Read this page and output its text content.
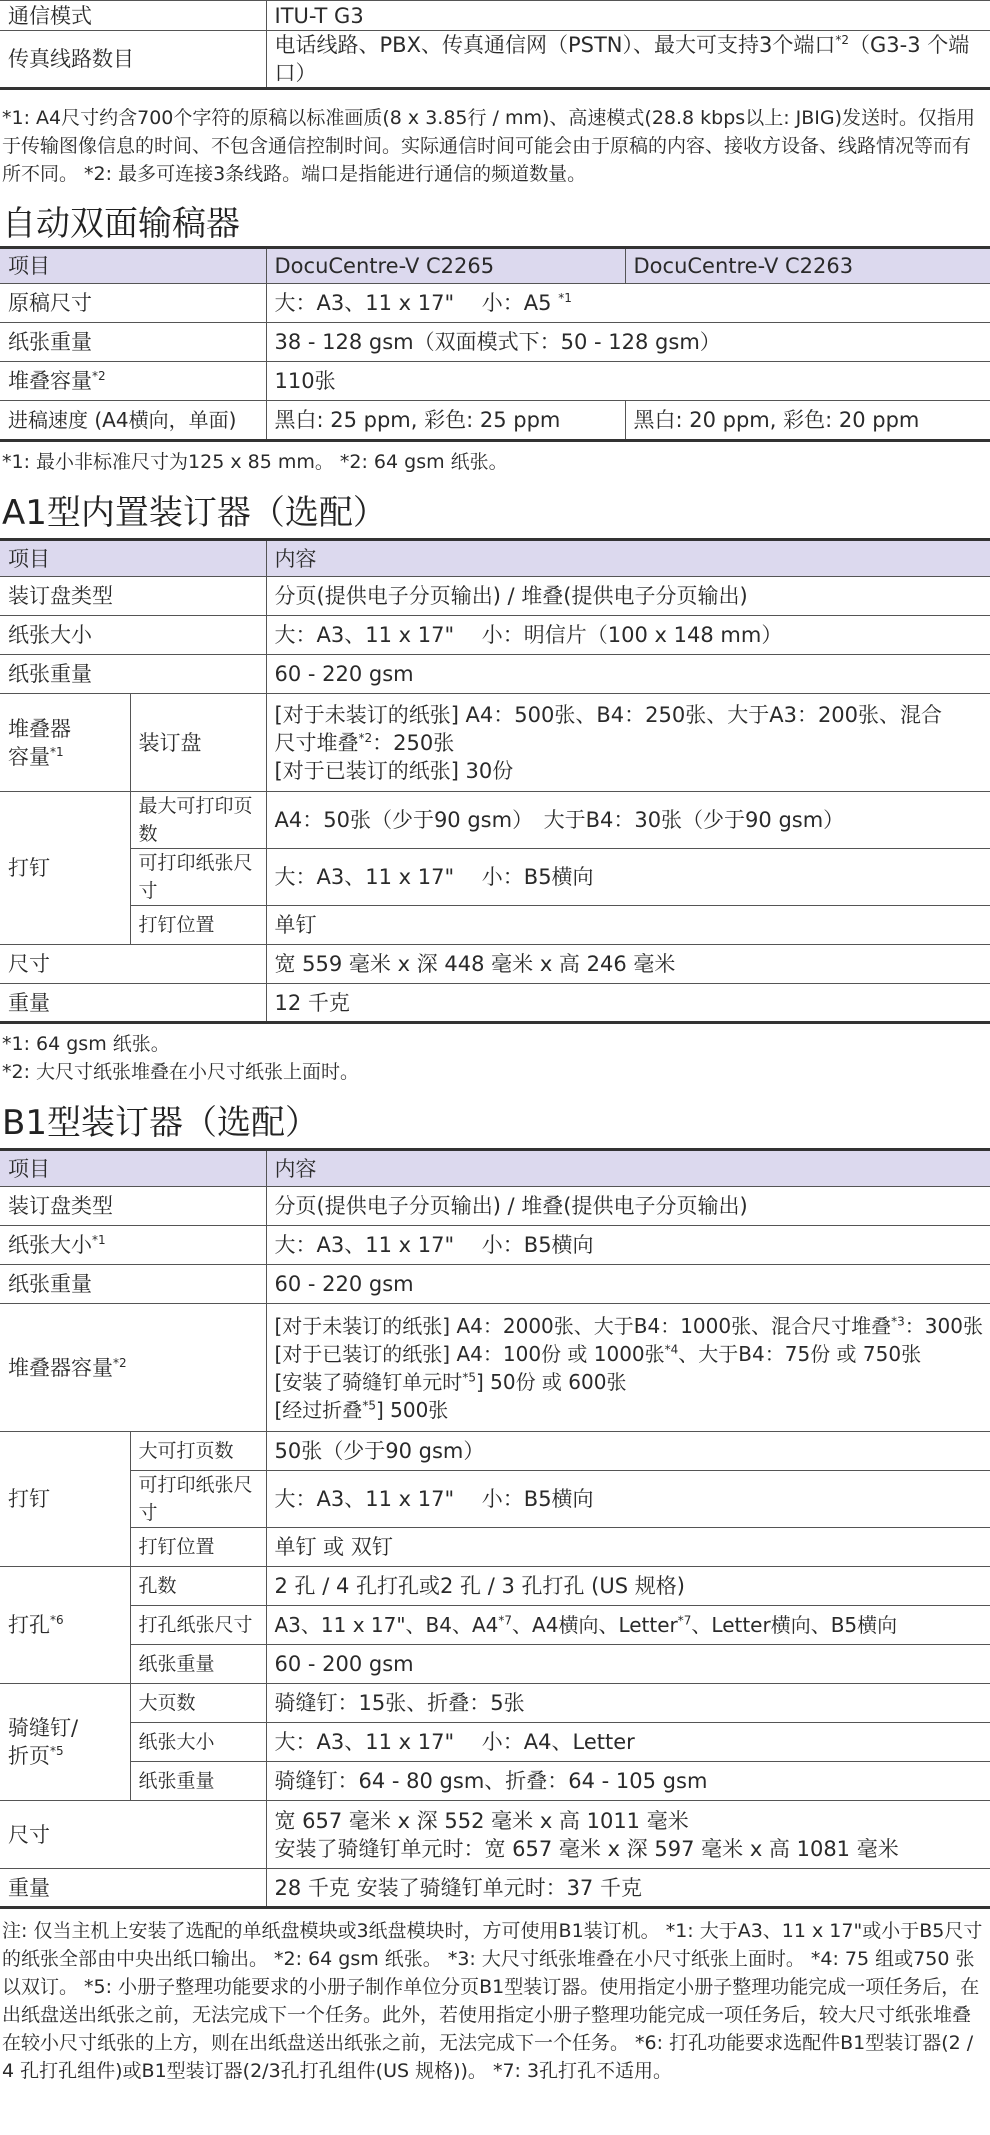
通信模式	ITU-T G3
传真线路数目	电话线路、PBX、传真通信网（PSTN）、最大可支持3个端口$^{*2}$（G3-3 个端口）

*1: A4尺寸约含700个字符的原稿以标准画质(8 x 3.85行 / mm)、高速模式(28.8 kbps以上: JBIG)发送时。仅指用于传输图像信息的时间、不包含通信控制时间。实际通信时间可能会由于原稿的内容、接收方设备、线路情况等而有所不同。 *2: 最多可连接3条线路。端口是指能进行通信的频道数量。

自动双面输稿器
项目	DocuCentre-V C2265	DocuCentre-V C2263
原稿尺寸	大：A3、11 x 17"　 小：A5 $^{*1}$
纸张重量	38 - 128 gsm（双面模式下：50 - 128 gsm）	
堆叠容量$^{*2}$	110张	
进稿速度 (A4横向，单面)	黑白: 25 ppm, 彩色: 25 ppm	黑白: 20 ppm, 彩色: 20 ppm

*1: 最小非标准尺寸为125 x 85 mm。 *2: 64 gsm 纸张。

A1型内置装订器（选配）
项目		内容
装订盘类型		分页(提供电子分页输出) / 堆叠(提供电子分页输出)
纸张大小		大：A3、11 x 17"　 小：明信片（100 x 148 mm）
纸张重量		60 - 220 gsm
堆叠器
容量$^{*1}$	装订盘	[对于未装订的纸张] A4：500张、B4：250张、大于A3：200张、混合
尺寸堆叠$^{*2}$：250张
[对于已装订的纸张] 30份
打钉	最大可打印页数	A4：50张（少于90 gsm）　大于B4：30张（少于90 gsm）
	可打印纸张尺寸	大：A3、11 x 17"　 小：B5横向
	打钉位置	单钉
尺寸		宽 559 毫米 x 深 448 毫米 x 高 246 毫米
重量		12 千克

*1: 64 gsm 纸张。

*2: 大尺寸纸张堆叠在小尺寸纸张上面时。

B1型装订器（选配）
项目		内容
装订盘类型		分页(提供电子分页输出) / 堆叠(提供电子分页输出)
纸张大小$^{*1}$		大：A3、11 x 17"　 小：B5横向
纸张重量		60 - 220 gsm
堆叠器容量$^{*2}$		[对于未装订的纸张] A4：2000张、大于B4：1000张、混合尺寸堆叠$^{*3}$：300张
[对于已装订的纸张] A4：100份 或 1000张$^{*4}$、大于B4：75份 或 750张
[安装了骑缝钉单元时$^{*5}$] 50份 或 600张
[经过折叠$^{*5}$] 500张
打钉	大可打页数	50张（少于90 gsm）
	可打印纸张尺寸	大：A3、11 x 17"　 小：B5横向
	打钉位置	单钉 或 双钉
打孔$^{*6}$	孔数	2 孔 / 4 孔打孔或2 孔 / 3 孔打孔 (US 规格)
	打孔纸张尺寸	A3、11 x 17"、B4、A4$^{*7}$、A4横向、Letter$^{*7}$、Letter横向、B5横向
	纸张重量	60 - 200 gsm
骑缝钉/
折页$^{*5}$	大页数	骑缝钉：15张、折叠：5张
	纸张大小	大：A3、11 x 17"　 小：A4、Letter
	纸张重量	骑缝钉：64 - 80 gsm、折叠：64 - 105 gsm
尺寸		宽 657 毫米 x 深 552 毫米 x 高 1011 毫米
安装了骑缝钉单元时：宽 657 毫米 x 深 597 毫米 x 高 1081 毫米
重量		28 千克 安装了骑缝钉单元时：37 千克

注: 仅当主机上安装了选配的单纸盘模块或3纸盘模块时，方可使用B1装订机。 *1: 大于A3、11 x 17"或小于B5尺寸的纸张全部由中央出纸口输出。 *2: 64 gsm 纸张。 *3: 大尺寸纸张堆叠在小尺寸纸张上面时。 *4: 75 组或750 张以双订。 *5: 小册子整理功能要求的小册子制作单位分页B1型装订器。使用指定小册子整理功能完成一项任务后，在出纸盘送出纸张之前，无法完成下一个任务。此外，若使用指定小册子整理功能完成一项任务后，较大尺寸纸张堆叠在较小尺寸纸张的上方，则在出纸盘送出纸张之前，无法完成下一个任务。 *6: 打孔功能要求选配件B1型装订器(2 / 4 孔打孔组件)或B1型装订器(2/3孔打孔组件(US 规格))。 *7: 3孔打孔不适用。
